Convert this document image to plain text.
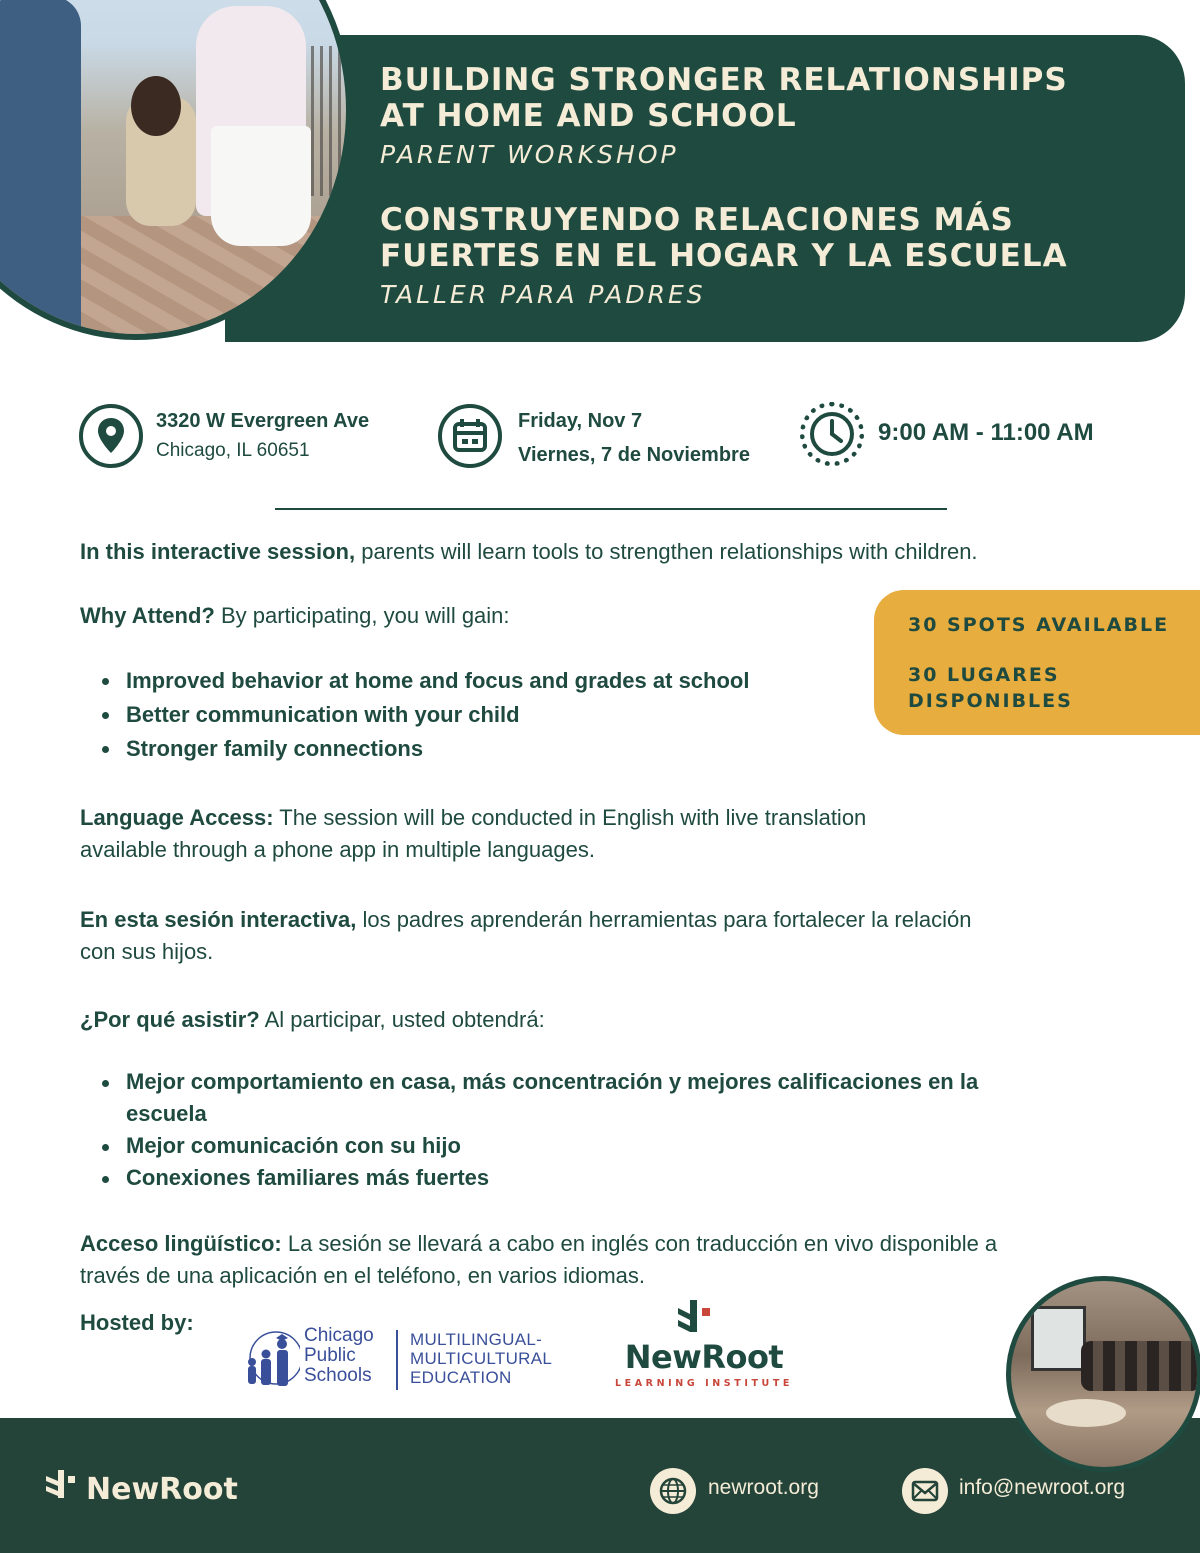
BUILDING STRONGER RELATIONSHIPS
AT HOME AND SCHOOL
PARENT WORKSHOP
CONSTRUYENDO RELACIONES MÁS
FUERTES EN EL HOGAR Y LA ESCUELA
TALLER PARA PADRES
3320 W Evergreen Ave
Chicago, IL 60651
Friday, Nov 7
Viernes, 7 de Noviembre
9:00 AM - 11:00 AM
In this interactive session, parents will learn tools to strengthen relationships with children.
Why Attend? By participating, you will gain:	30 SPOTS AVAILABLE
30 LUGARES
DISPONIBLES
Improved behavior at home and focus and grades at school
Better communication with your child
Stronger family connections
Language Access: The session will be conducted in English with live translation
available through a phone app in multiple languages.
En esta sesión interactiva, los padres aprenderán herramientas para fortalecer la relación
con sus hijos.
¿Por qué asistir? Al participar, usted obtendrá:
Mejor comportamiento en casa, más concentración y mejores calificaciones en la
escuela
Mejor comunicación con su hijo
Conexiones familiares más fuertes
Acceso lingüístico: La sesión se llevará a cabo en inglés con traducción en vivo disponible a
través de una aplicación en el teléfono, en varios idiomas.
Hosted by:
Chicago
Public
Schools
MULTILINGUAL-
MULTICULTURAL
EDUCATION
NewRoot
LEARNING INSTITUTE
NewRoot	newroot.org	info@newroot.org
